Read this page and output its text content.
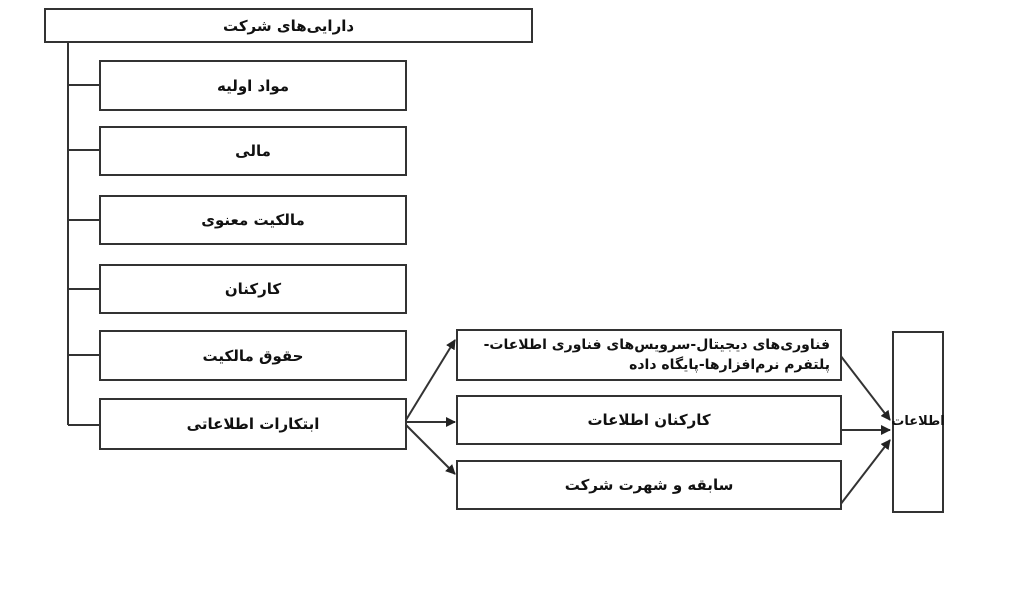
دارایی‌های شرکت
مواد اولیه
مالی
مالکیت معنوی
کارکنان
حقوق مالکیت
ابتکارات اطلاعاتی
فناوری‌های دیجیتال-سرویس‌های فناوری اطلاعات-پلتفرم نرم‌افزارها-پایگاه داده
کارکنان اطلاعات
سابقه و شهرت شرکت
اطلاعات
